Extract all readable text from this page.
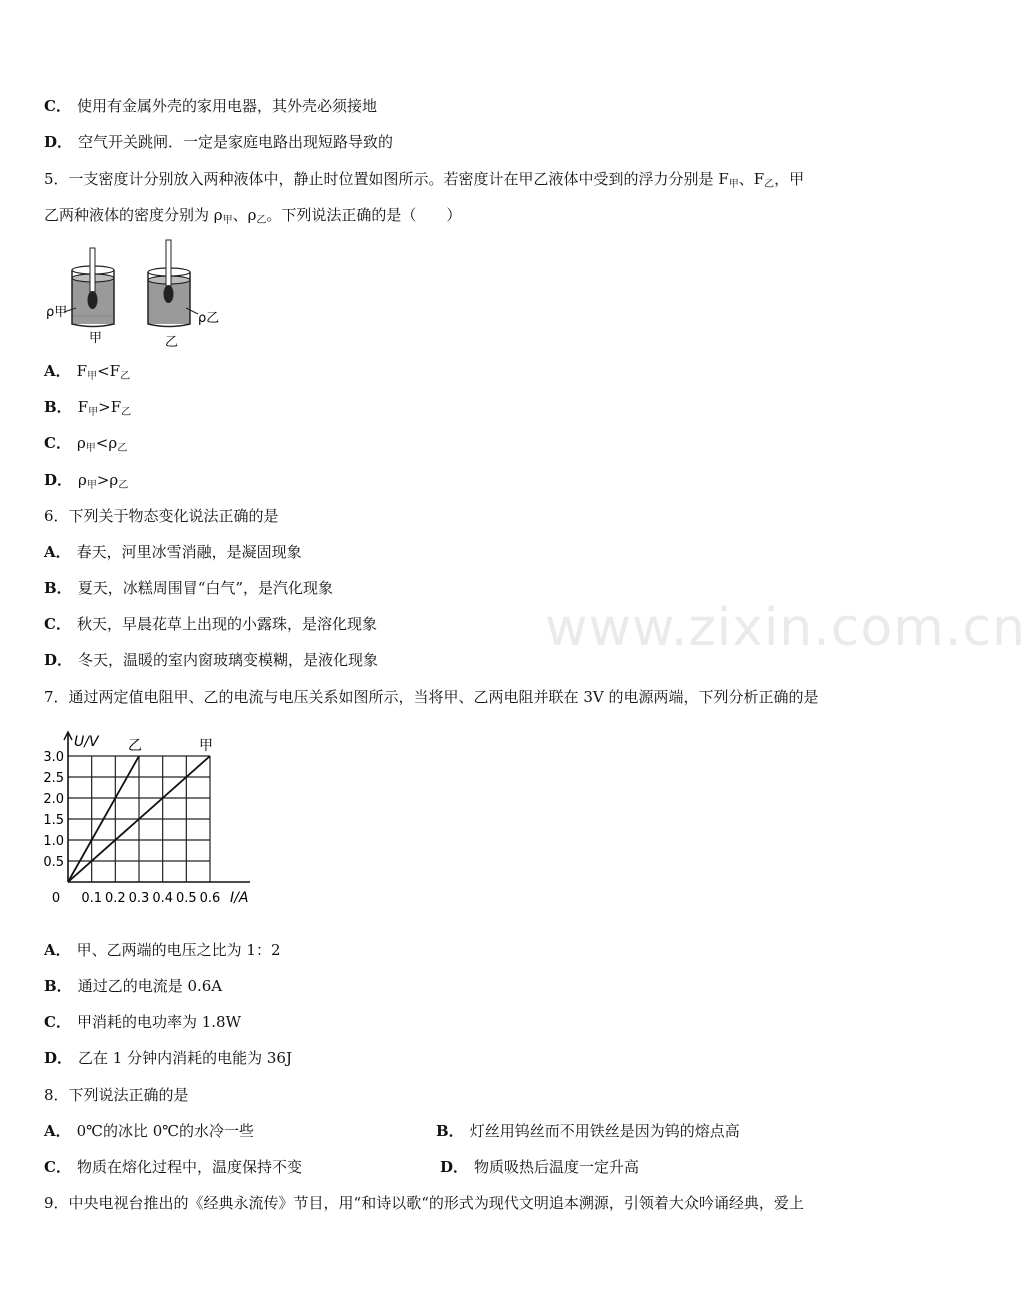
www.zixin.com.cn
C． 使用有金属外壳的家用电器，其外壳必须接地
D． 空气开关跳闸．一定是家庭电路出现短路导致的
5．一支密度计分别放入两种液体中，静止时位置如图所示。若密度计在甲乙液体中受到的浮力分别是 $F_甲$、$F_乙$，甲
乙两种液体的密度分别为 $\rho_甲$、$\rho_乙$。下列说法正确的是（　　）
ρ甲	ρ乙
甲	乙
A． $F_甲<F_乙$
B． $F_甲>F_乙$
C． $\rho_甲<\rho_乙$
D． $\rho_甲>\rho_乙$
6．下列关于物态变化说法正确的是
A． 春天，河里冰雪消融，是凝固现象
B． 夏天，冰糕周围冒“白气”，是汽化现象
C． 秋天，早晨花草上出现的小露珠，是溶化现象
D． 冬天，温暖的室内窗玻璃变模糊，是液化现象
7．通过两定值电阻甲、乙的电流与电压关系如图所示，当将甲、乙两电阻并联在 3V 的电源两端，下列分析正确的是
0.1 0.2 0.3 0.4 0.5 0.6
3.0
2.5
2.0
1.5
1.0
0.5
0	I/A
U/V 乙	甲
A． 甲、乙两端的电压之比为 1：2
B． 通过乙的电流是 0.6A
C． 甲消耗的电功率为 1.8W
D． 乙在 1 分钟内消耗的电能为 36J
8．下列说法正确的是
A． 0℃的冰比 0℃的水冷一些	B． 灯丝用钨丝而不用铁丝是因为钨的熔点高
C． 物质在熔化过程中，温度保持不变	D． 物质吸热后温度一定升高
9．中央电视台推出的《经典永流传》节目，用“和诗以歌“的形式为现代文明追本溯源，引领着大众吟诵经典，爱上
